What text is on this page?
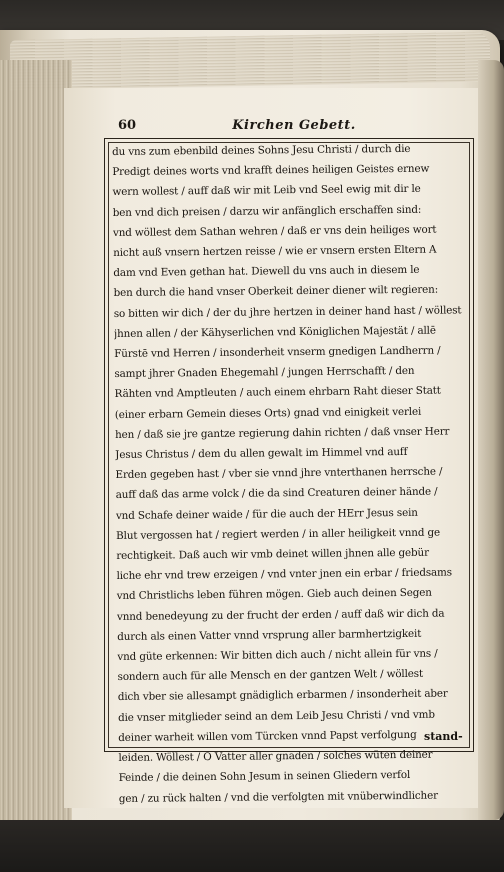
60	Kirchen Gebett.
du vns zum ebenbild deines Sohns Jesu Christi / durch die
Predigt deines worts vnd krafft deines heiligen Geistes ernew
wern wollest / auff daß wir mit Leib vnd Seel ewig mit dir le
ben vnd dich preisen / darzu wir anfänglich erschaffen sind:
vnd wöllest dem Sathan wehren / daß er vns dein heiliges wort
nicht auß vnsern hertzen reisse / wie er vnsern ersten Eltern A
dam vnd Even gethan hat. Diewell du vns auch in diesem le
ben durch die hand vnser Oberkeit deiner diener wilt regieren:
so bitten wir dich / der du jhre hertzen in deiner hand hast / wöllest
jhnen allen / der Kähyserlichen vnd Königlichen Majestät / allē
Fürstē vnd Herren / insonderheit vnserm gnedigen Landherrn /
sampt jhrer Gnaden Ehegemahl / jungen Herrschafft / den
Rähten vnd Amptleuten / auch einem ehrbarn Raht dieser Statt
(einer erbarn Gemein dieses Orts) gnad vnd einigkeit verlei
hen / daß sie jre gantze regierung dahin richten / daß vnser Herr
Jesus Christus / dem du allen gewalt im Himmel vnd auff
Erden gegeben hast / vber sie vnnd jhre vnterthanen herrsche /
auff daß das arme volck / die da sind Creaturen deiner hände /
vnd Schafe deiner waide / für die auch der HErr Jesus sein
Blut vergossen hat / regiert werden / in aller heiligkeit vnnd ge
rechtigkeit. Daß auch wir vmb deinet willen jhnen alle gebür
liche ehr vnd trew erzeigen / vnd vnter jnen ein erbar / friedsams
vnd Christlichs leben führen mögen. Gieb auch deinen Segen
vnnd benedeyung zu der frucht der erden / auff daß wir dich da
durch als einen Vatter vnnd vrsprung aller barmhertzigkeit
vnd güte erkennen: Wir bitten dich auch / nicht allein für vns /
sondern auch für alle Mensch en der gantzen Welt / wöllest
dich vber sie allesampt gnädiglich erbarmen / insonderheit aber
die vnser mitglieder seind an dem Leib Jesu Christi / vnd vmb
deiner warheit willen vom Türcken vnnd Papst verfolgung
leiden. Wöllest / O Vatter aller gnaden / solches wüten deiner
Feinde / die deinen Sohn Jesum in seinen Gliedern verfol
gen / zu rück halten / vnd die verfolgten mit vnüberwindlicher
stand-
